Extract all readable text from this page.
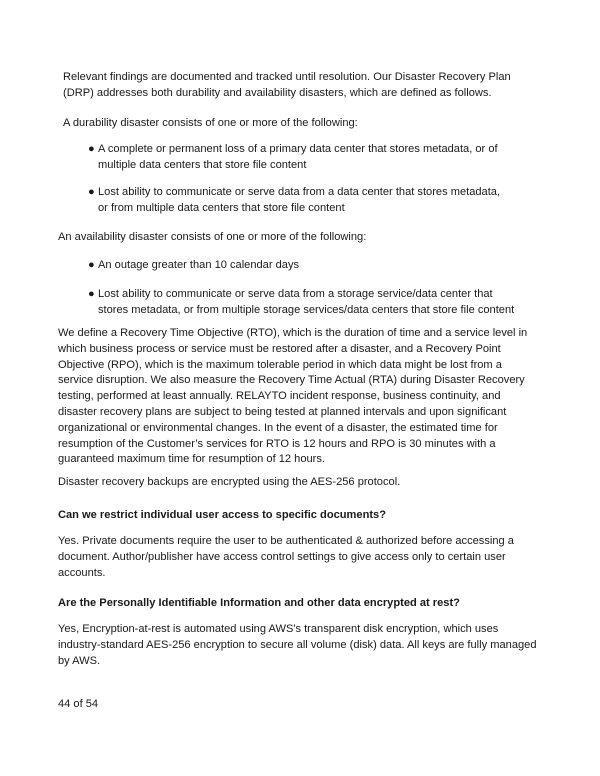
Relevant findings are documented and tracked until resolution. Our Disaster Recovery Plan (DRP) addresses both durability and availability disasters, which are defined as follows.

A durability disaster consists of one or more of the following:

● A complete or permanent loss of a primary data center that stores metadata, or of multiple data centers that store file content
● Lost ability to communicate or serve data from a data center that stores metadata, or from multiple data centers that store file content

An availability disaster consists of one or more of the following:

● An outage greater than 10 calendar days
● Lost ability to communicate or serve data from a storage service/data center that stores metadata, or from multiple storage services/data centers that store file content

We define a Recovery Time Objective (RTO), which is the duration of time and a service level in which business process or service must be restored after a disaster, and a Recovery Point Objective (RPO), which is the maximum tolerable period in which data might be lost from a service disruption. We also measure the Recovery Time Actual (RTA) during Disaster Recovery testing, performed at least annually. RELAYTO incident response, business continuity, and disaster recovery plans are subject to being tested at planned intervals and upon significant organizational or environmental changes. In the event of a disaster, the estimated time for resumption of the Customer’s services for RTO is 12 hours and RPO is 30 minutes with a guaranteed maximum time for resumption of 12 hours.

Disaster recovery backups are encrypted using the AES-256 protocol.

Can we restrict individual user access to specific documents?

Yes. Private documents require the user to be authenticated & authorized before accessing a document. Author/publisher have access control settings to give access only to certain user accounts.

Are the Personally Identifiable Information and other data encrypted at rest?

Yes, Encryption-at-rest is automated using AWS's transparent disk encryption, which uses industry-standard AES-256 encryption to secure all volume (disk) data. All keys are fully managed by AWS.

44 of 54
